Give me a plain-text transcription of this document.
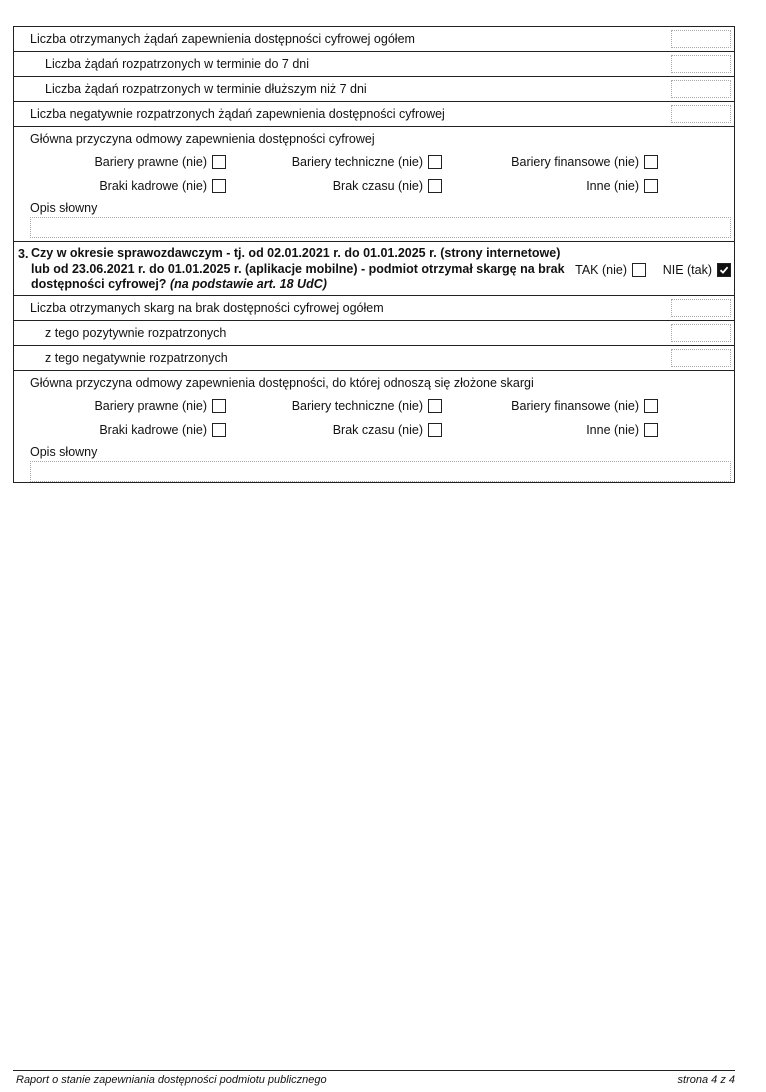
Liczba otrzymanych żądań zapewnienia dostępności cyfrowej ogółem
Liczba żądań rozpatrzonych w terminie do 7 dni
Liczba żądań rozpatrzonych w terminie dłuższym niż 7 dni
Liczba negatywnie rozpatrzonych żądań zapewnienia dostępności cyfrowej
Główna przyczyna odmowy zapewnienia dostępności cyfrowej
Bariery prawne (nie)	Bariery techniczne (nie)	Bariery finansowe (nie)
Braki kadrowe (nie)	Brak czasu (nie)	Inne (nie)
Opis słowny
3. Czy w okresie sprawozdawczym - tj. od 02.01.2021 r. do 01.01.2025 r. (strony internetowe) lub od 23.06.2021 r. do 01.01.2025 r. (aplikacje mobilne) - podmiot otrzymał skargę na brak dostępności cyfrowej? (na podstawie art. 18 UdC)
TAK (nie)	NIE (tak)
Liczba otrzymanych skarg na brak dostępności cyfrowej ogółem
z tego pozytywnie rozpatrzonych
z tego negatywnie rozpatrzonych
Główna przyczyna odmowy zapewnienia dostępności, do której odnoszą się złożone skargi
Bariery prawne (nie)	Bariery techniczne (nie)	Bariery finansowe (nie)
Braki kadrowe (nie)	Brak czasu (nie)	Inne (nie)
Opis słowny
Raport o stanie zapewniania dostępności podmiotu publicznego	strona 4 z 4
